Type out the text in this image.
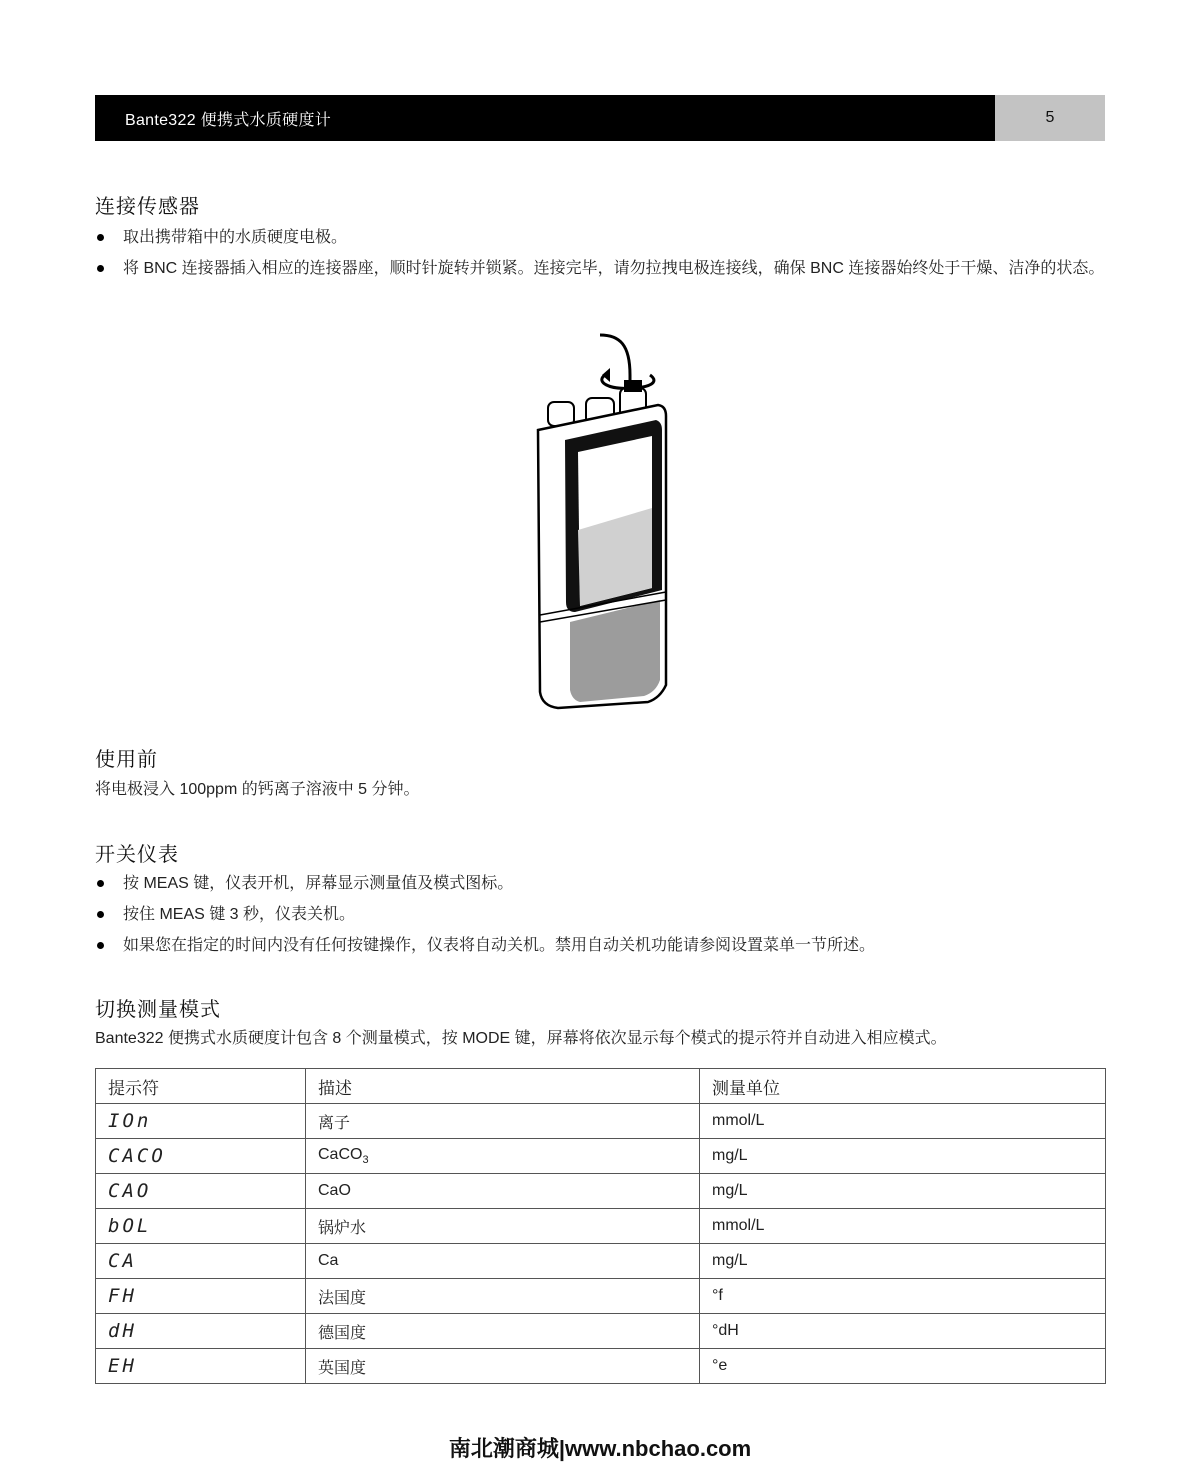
Bante322 便携式水质硬度计	5
连接传感器
取出携带箱中的水质硬度电极。
将 BNC 连接器插入相应的连接器座，顺时针旋转并锁紧。连接完毕，请勿拉拽电极连接线，确保 BNC 连接器始终处于干燥、洁净的状态。
使用前

将电极浸入 100ppm 的钙离子溶液中 5 分钟。

开关仪表
按 MEAS 键，仪表开机，屏幕显示测量值及模式图标。
按住 MEAS 键 3 秒，仪表关机。
如果您在指定的时间内没有任何按键操作，仪表将自动关机。禁用自动关机功能请参阅设置菜单一节所述。
切换测量模式

Bante322 便携式水质硬度计包含 8 个测量模式，按 MODE 键，屏幕将依次显示每个模式的提示符并自动进入相应模式。

提示符	描述	测量单位
IOn	离子	mmol/L
CACO	CaCO$_3$	mg/L
CAO	CaO	mg/L
bOL	锅炉水	mmol/L
CA	Ca	mg/L
FH	法国度	°f
dH	德国度	°dH
EH	英国度	°e
南北潮商城|www.nbchao.com
